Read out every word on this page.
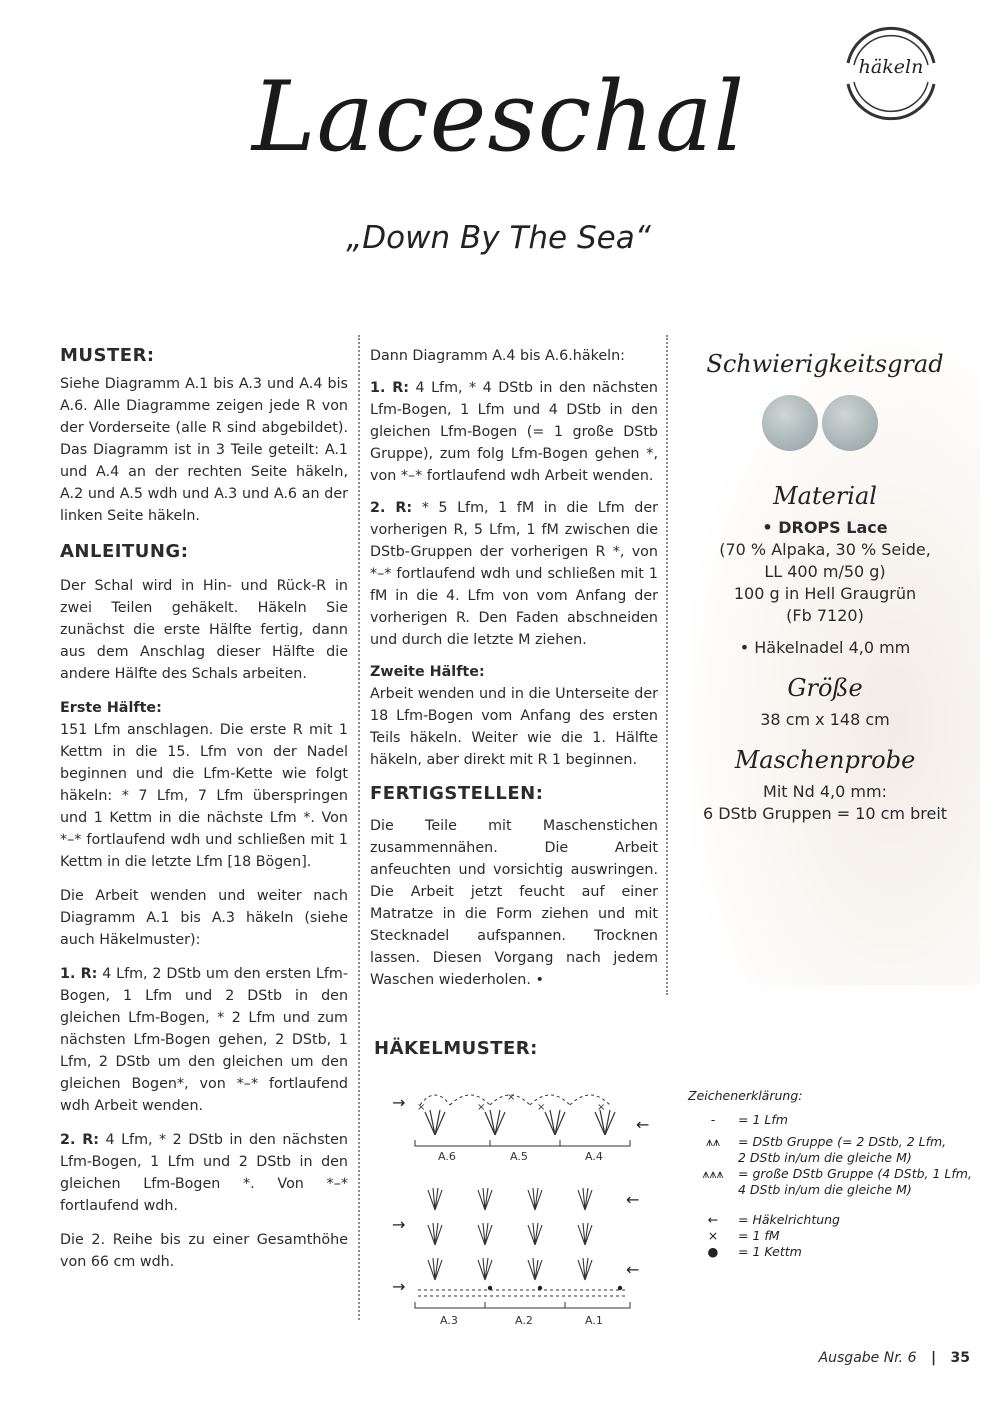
Laceschal
„Down By The Sea“
häkeln
MUSTER:

Siehe Diagramm A.1 bis A.3 und A.4 bis A.6. Alle Diagramme zeigen jede R von der Vorderseite (alle R sind abgebildet). Das Diagramm ist in 3 Teile geteilt: A.1 und A.4 an der rechten Seite häkeln, A.2 und A.5 wdh und A.3 und A.6 an der linken Seite häkeln.

ANLEITUNG:

Der Schal wird in Hin- und Rück-R in zwei Teilen gehäkelt. Häkeln Sie zunächst die erste Hälfte fertig, dann aus dem Anschlag dieser Hälfte die andere Hälfte des Schals arbeiten.

Erste Hälfte:

151 Lfm anschlagen. Die erste R mit 1 Kettm in die 15. Lfm von der Nadel beginnen und die Lfm-Kette wie folgt häkeln: * 7 Lfm, 7 Lfm überspringen und 1 Kettm in die nächste Lfm *. Von *–* fortlaufend wdh und schließen mit 1 Kettm in die letzte Lfm [18 Bögen].

Die Arbeit wenden und weiter nach Diagramm A.1 bis A.3 häkeln (siehe auch Häkelmuster):

1. R: 4 Lfm, 2 DStb um den ersten Lfm-Bogen, 1 Lfm und 2 DStb in den gleichen Lfm-Bogen, * 2 Lfm und zum nächsten Lfm-Bogen gehen, 2 DStb, 1 Lfm, 2 DStb um den gleichen um den gleichen Bogen*, von *–* fortlaufend wdh Arbeit wenden.

2. R: 4 Lfm, * 2 DStb in den nächsten Lfm-Bogen, 1 Lfm und 2 DStb in den gleichen Lfm-Bogen *. Von *–* fortlaufend wdh.

Die 2. Reihe bis zu einer Gesamthöhe von 66 cm wdh.

Dann Diagramm A.4 bis A.6.häkeln:

1. R: 4 Lfm, * 4 DStb in den nächsten Lfm-Bogen, 1 Lfm und 4 DStb in den gleichen Lfm-Bogen (= 1 große DStb Gruppe), zum folg Lfm-Bogen gehen *, von *–* fortlaufend wdh Arbeit wenden.

2. R: * 5 Lfm, 1 fM in die Lfm der vorherigen R, 5 Lfm, 1 fM zwischen die DStb-Gruppen der vorherigen R *, von *–* fortlaufend wdh und schließen mit 1 fM in die 4. Lfm von vom Anfang der vorherigen R. Den Faden abschneiden und durch die letzte M ziehen.

Zweite Hälfte:

Arbeit wenden und in die Unterseite der 18 Lfm-Bogen vom Anfang des ersten Teils häkeln. Weiter wie die 1. Hälfte häkeln, aber direkt mit R 1 beginnen.

FERTIGSTELLEN:

Die Teile mit Maschenstichen zusammennähen. Die Arbeit anfeuchten und vorsichtig auswringen. Die Arbeit jetzt feucht auf einer Matratze in die Form ziehen und mit Stecknadel aufspannen. Trocknen lassen. Diesen Vorgang nach jedem Waschen wiederholen. •

Schwierigkeitsgrad
Material
• DROPS Lace
(70 % Alpaka, 30 % Seide,
LL 400 m/50 g)
100 g in Hell Graugrün
(Fb 7120)
• Häkelnadel 4,0 mm
Größe
38 cm x 148 cm
Maschenprobe
Mit Nd 4,0 mm:
6 DStb Gruppen = 10 cm breit
HÄKELMUSTER:
×	×
×
×	×
→
←
A.6	A.5	A.4
→
→
←
←
A.3	A.2	A.1
Zeichenerklärung:
-	= 1 Lfm
⩚⩚	= DStb Gruppe (= 2 DStb, 2 Lfm,
2 DStb in/um die gleiche M)
⩚⩚⩚	= große DStb Gruppe (4 DStb, 1 Lfm,
4 DStb in/um die gleiche M)
←	= Häkelrichtung
×	= 1 fM
●	= 1 Kettm
Ausgabe Nr. 6 | 35
